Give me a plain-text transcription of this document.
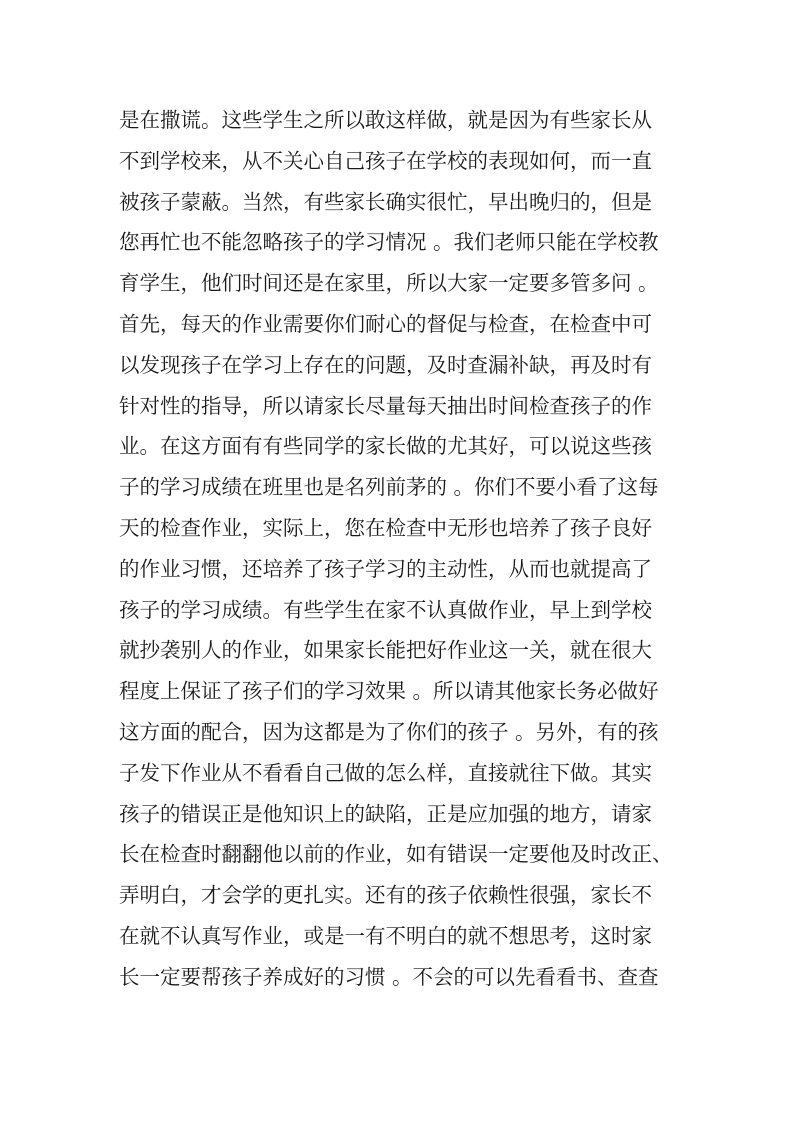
是在撒谎。这些学生之所以敢这样做，就是因为有些家长从
不到学校来，从不关心自己孩子在学校的表现如何，而一直
被孩子蒙蔽。当然，有些家长确实很忙，早出晚归的，但是
您再忙也不能忽略孩子的学习情况 。我们老师只能在学校教
育学生，他们时间还是在家里，所以大家一定要多管多问 。
首先，每天的作业需要你们耐心的督促与检查，在检查中可
以发现孩子在学习上存在的问题，及时查漏补缺，再及时有
针对性的指导，所以请家长尽量每天抽出时间检查孩子的作
业。在这方面有有些同学的家长做的尤其好，可以说这些孩
子的学习成绩在班里也是名列前茅的 。你们不要小看了这每
天的检查作业，实际上，您在检查中无形也培养了孩子良好
的作业习惯，还培养了孩子学习的主动性，从而也就提高了
孩子的学习成绩。有些学生在家不认真做作业，早上到学校
就抄袭别人的作业，如果家长能把好作业这一关，就在很大
程度上保证了孩子们的学习效果 。所以请其他家长务必做好
这方面的配合，因为这都是为了你们的孩子 。另外，有的孩
子发下作业从不看看自己做的怎么样，直接就往下做。其实
孩子的错误正是他知识上的缺陷，正是应加强的地方，请家
长在检查时翻翻他以前的作业，如有错误一定要他及时改正、
弄明白，才会学的更扎实。还有的孩子依赖性很强，家长不
在就不认真写作业，或是一有不明白的就不想思考，这时家
长一定要帮孩子养成好的习惯 。不会的可以先看看书、查查
